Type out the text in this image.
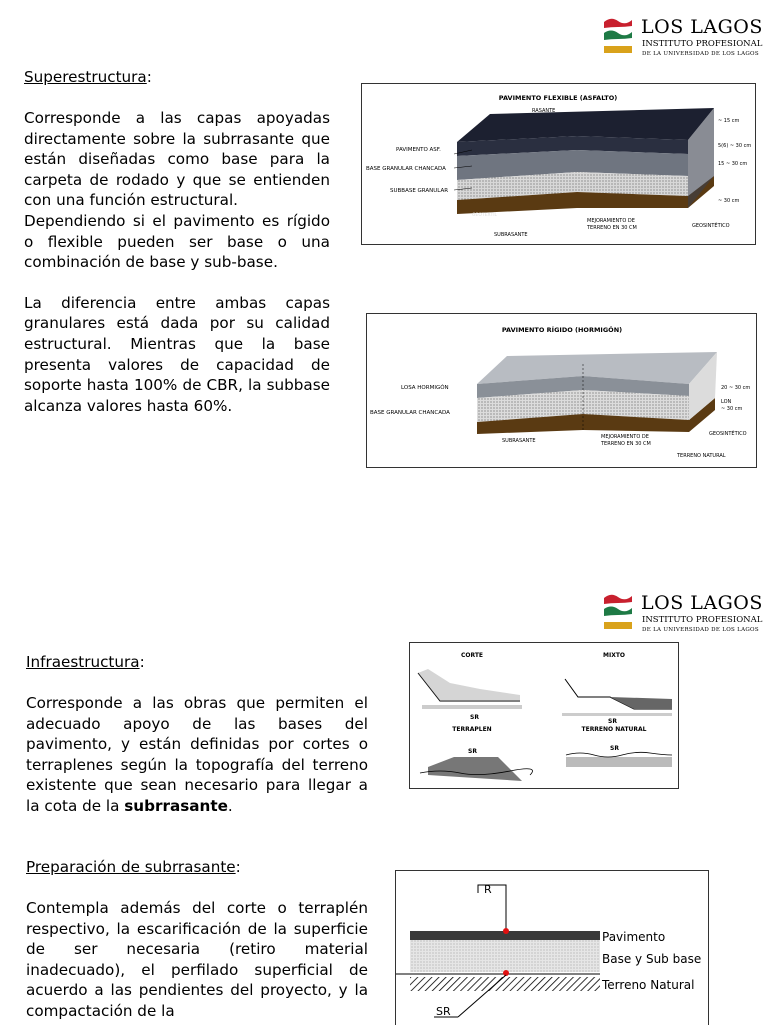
LOS LAGOS
INSTITUTO PROFESIONAL
DE LA UNIVERSIDAD DE LOS LAGOS
Superestructura:

Corresponde a las capas apoyadas directamente sobre la subrrasante que están diseñadas como base para la carpeta de rodado y que se entienden con una función estructural.

Dependiendo si el pavimento es rígido o flexible pueden ser base o una combinación de base y sub-base.

La diferencia entre ambas capas granulares está dada por su calidad estructural. Mientras que la base presenta valores de capacidad de soporte hasta 100% de CBR, la subbase alcanza valores hasta 60%.

PAVIMENTO FLEXIBLE (ASFALTO)
RASANTE
PAVIMENTO ASF.
BASE GRANULAR CHANCADA
SUBBASE GRANULAR
GEOTEXTIL
SUBRASANTE
MEJORAMIENTO DE
TERRENO EN 30 CM	GEOSINTÉTICO
~ 15 cm
5(6) ~ 30 cm
15 ~ 30 cm
~ 30 cm
PAVIMENTO RÍGIDO (HORMIGÓN)
LOSA HORMIGÓN
BASE GRANULAR CHANCADA
SUBRASANTE
MEJORAMIENTO DE
TERRENO EN 30 CM
GEOSINTÉTICO
TERRENO NATURAL
20 ~ 30 cm
LON
~ 30 cm
LOS LAGOS
INSTITUTO PROFESIONAL
DE LA UNIVERSIDAD DE LOS LAGOS
Infraestructura:

Corresponde a las obras que permiten el adecuado apoyo de las bases del pavimento, y están definidas por cortes o terraplenes según la topografía del terreno existente que sean necesario para llegar a la cota de la subrrasante.

CORTE	MIXTO
TERRAPLEN	TERRENO NATURAL
SR
SR
SR	SR
Preparación de subrrasante:

Contempla además del corte o terraplén respectivo, la escarificación de la superficie de ser necesaria (retiro material inadecuado), el perfilado superficial de acuerdo a las pendientes del proyecto, y la compactación de la

R
SR
Pavimento
Base y Sub base
Terreno Natural
